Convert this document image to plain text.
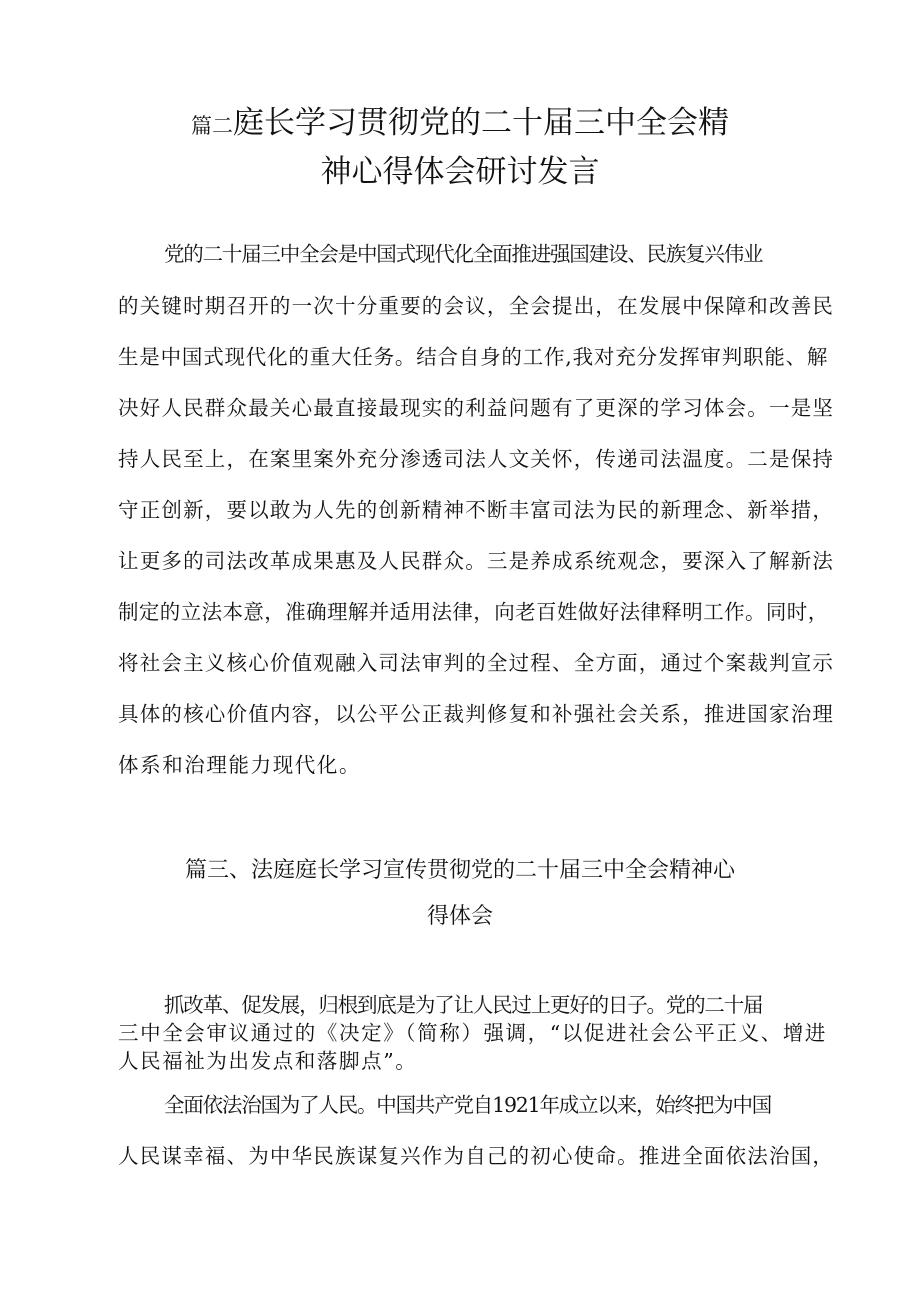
篇二庭长学习贯彻党的二十届三中全会精
神心得体会研讨发言

党的二十届三中全会是中国式现代化全面推进强国建设、民族复兴伟业

的关键时期召开的一次十分重要的会议，全会提出，在发展中保障和改善民

生是中国式现代化的重大任务。结合自身的工作,我对充分发挥审判职能、解

决好人民群众最关心最直接最现实的利益问题有了更深的学习体会。一是坚

持人民至上，在案里案外充分渗透司法人文关怀，传递司法温度。二是保持

守正创新，要以敢为人先的创新精神不断丰富司法为民的新理念、新举措，

让更多的司法改革成果惠及人民群众。三是养成系统观念，要深入了解新法

制定的立法本意，准确理解并适用法律，向老百姓做好法律释明工作。同时，

将社会主义核心价值观融入司法审判的全过程、全方面，通过个案裁判宣示

具体的核心价值内容，以公平公正裁判修复和补强社会关系，推进国家治理

体系和治理能力现代化。

篇三、法庭庭长学习宣传贯彻党的二十届三中全会精神心
得体会

抓改革、促发展，归根到底是为了让人民过上更好的日子。党的二十届

三中全会审议通过的《决定》（简称）强调，“以促进社会公平正义、增进

人民福祉为出发点和落脚点”。

全面依法治国为了人民。中国共产党自1921年成立以来，始终把为中国

人民谋幸福、为中华民族谋复兴作为自己的初心使命。推进全面依法治国，
